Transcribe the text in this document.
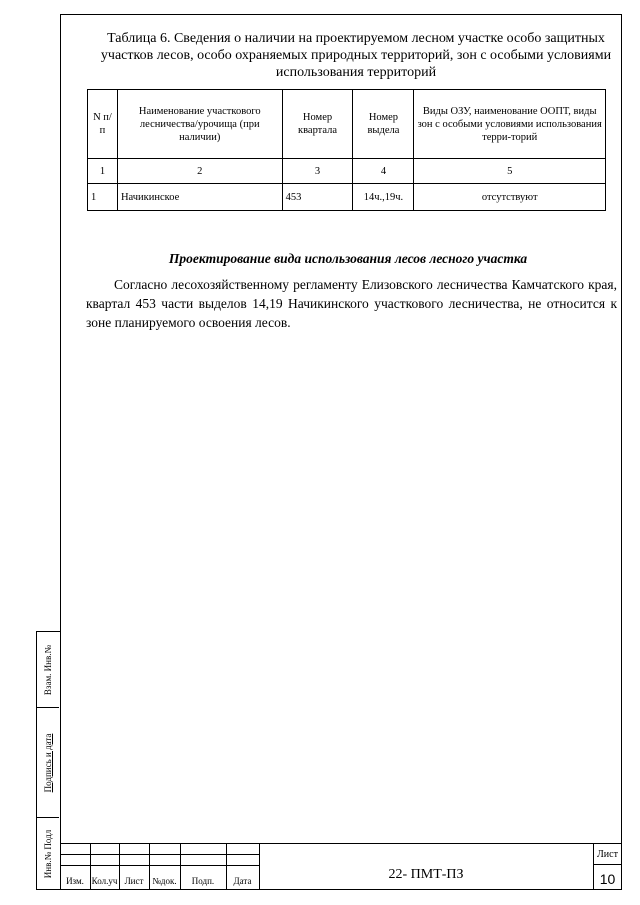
Взам. Инв.№
Подпись и дата
Инв.№ Подл
Таблица 6. Сведения о наличии на проектируемом лесном участке особо защитных участков лесов, особо охраняемых природных территорий, зон с особыми условиями использования территорий
N п/п	Наименование участкового лесничества/урочища (при наличии)	Номер квартала	Номер выдела	Виды ОЗУ, наименование ООПТ, виды зон с особыми условиями использования терри-торий
1	2	3	4	5
1	Начикинское	453	14ч.,19ч.	отсутствуют
Проектирование вида использования лесов лесного участка
Согласно лесохозяйственному регламенту Елизовского лесничества Камчатского края, квартал 453 части выделов 14,19 Начикинского участкового лесничества, не относится к зоне планируемого освоения лесов.
Изм. Кол.уч Лист №док.	Подп.	Дата	22- ПМТ-ПЗ
Лист
10
